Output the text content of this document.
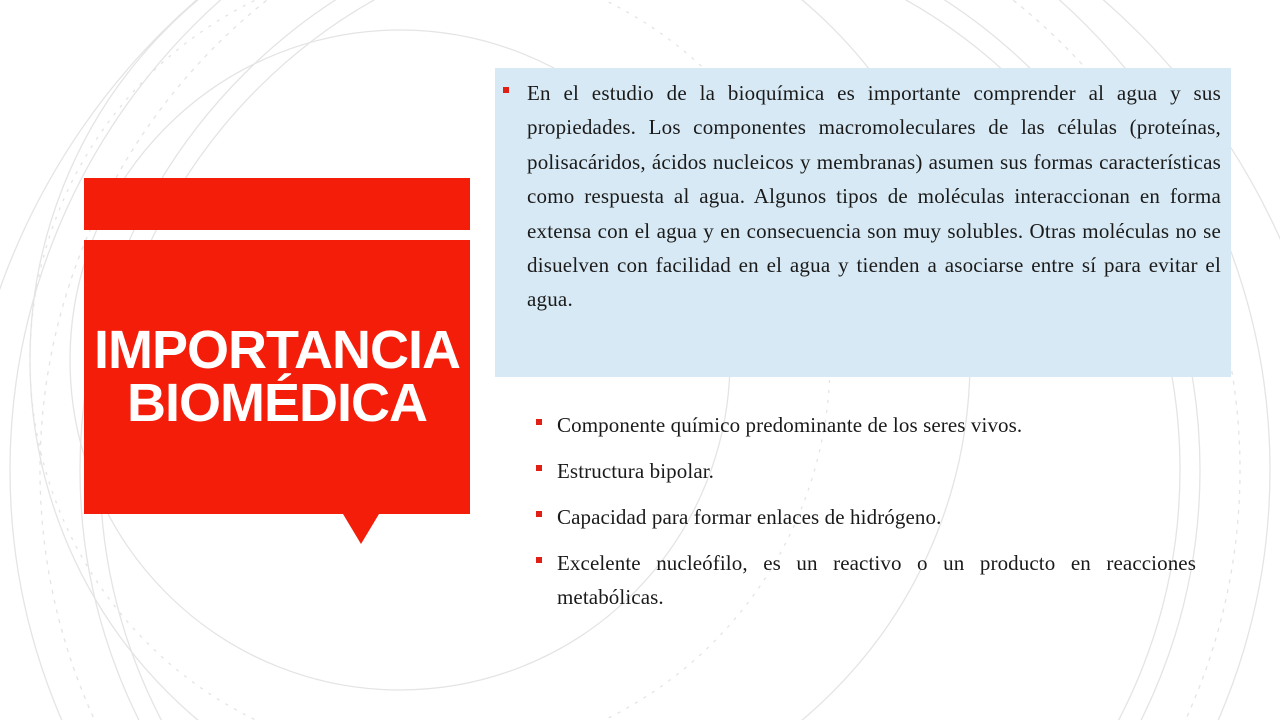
IMPORTANCIA BIOMÉDICA

En el estudio de la bioquímica es importante comprender al agua y sus propiedades. Los componentes macromoleculares de las células (proteínas, polisacáridos, ácidos nucleicos y membranas) asumen sus formas características como respuesta al agua. Algunos tipos de moléculas interaccionan en forma extensa con el agua y en consecuencia son muy solubles. Otras moléculas no se disuelven con facilidad en el agua y tienden a asociarse entre sí para evitar el agua.

Componente químico predominante de los seres vivos.
Estructura bipolar.
Capacidad para formar enlaces de hidrógeno.
Excelente nucleófilo, es un reactivo o un producto en reacciones metabólicas.
